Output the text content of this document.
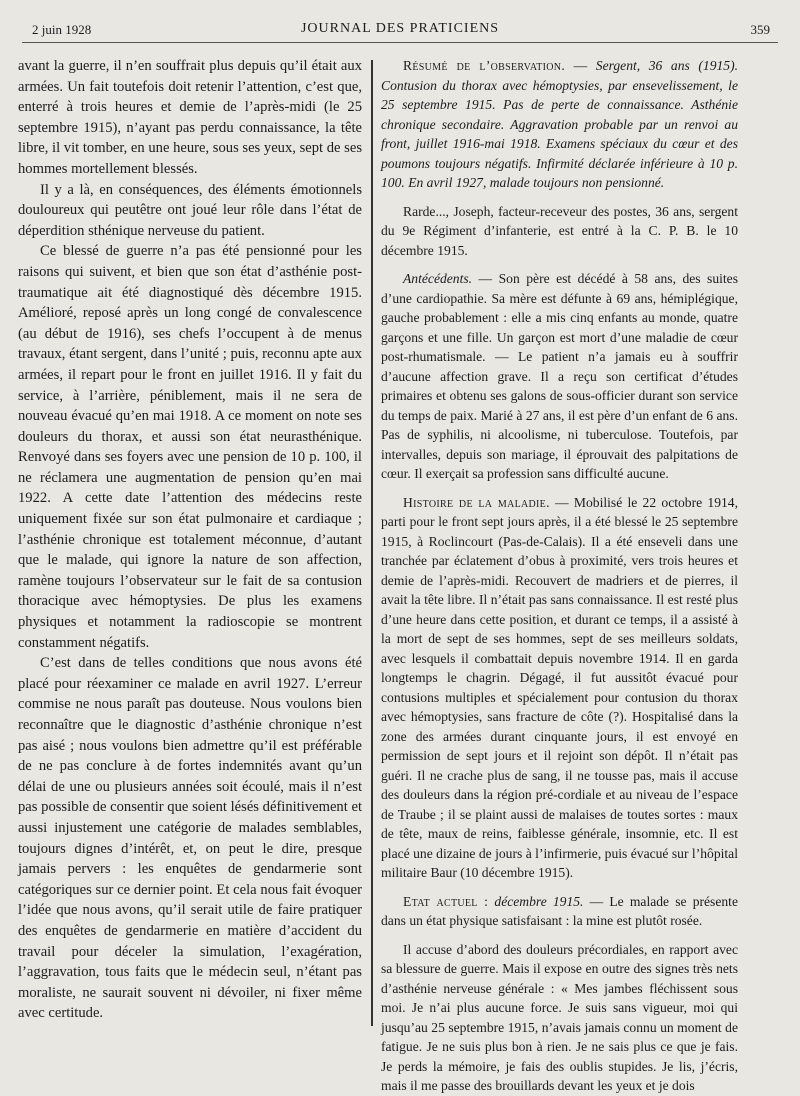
2 juin 1928	JOURNAL DES PRATICIENS	359

avant la guerre, il n’en souffrait plus depuis qu’il était aux armées. Un fait toutefois doit retenir l’attention, c’est que, enterré à trois heures et demie de l’après-midi (le 25 septembre 1915), n’ayant pas perdu connaissance, la tête libre, il vit tomber, en une heure, sous ses yeux, sept de ses hommes mortellement blessés.

Il y a là, en conséquences, des éléments émotionnels douloureux qui peutêtre ont joué leur rôle dans l’état de déperdition sthénique nerveuse du patient.

Ce blessé de guerre n’a pas été pensionné pour les raisons qui suivent, et bien que son état d’asthénie post-traumatique ait été diagnostiqué dès décembre 1915. Amélioré, reposé après un long congé de convalescence (au début de 1916), ses chefs l’occupent à de menus travaux, étant sergent, dans l’unité ; puis, reconnu apte aux armées, il repart pour le front en juillet 1916. Il y fait du service, à l’arrière, péniblement, mais il ne sera de nouveau évacué qu’en mai 1918. A ce moment on note ses douleurs du thorax, et aussi son état neurasthénique. Renvoyé dans ses foyers avec une pension de 10 p. 100, il ne réclamera une augmentation de pension qu’en mai 1922. A cette date l’attention des médecins reste uniquement fixée sur son état pulmonaire et cardiaque ; l’asthénie chronique est totalement méconnue, d’autant que le malade, qui ignore la nature de son affection, ramène toujours l’observateur sur le fait de sa contusion thoracique avec hémoptysies. De plus les examens physiques et notamment la radioscopie se montrent constamment négatifs.

C’est dans de telles conditions que nous avons été placé pour réexaminer ce malade en avril 1927. L’erreur commise ne nous paraît pas douteuse. Nous voulons bien reconnaître que le diagnostic d’asthénie chronique n’est pas aisé ; nous voulons bien admettre qu’il est préférable de ne pas conclure à de fortes indemnités avant qu’un délai de une ou plusieurs années soit écoulé, mais il n’est pas possible de consentir que soient lésés définitivement et aussi injustement une catégorie de malades semblables, toujours dignes d’intérêt, et, on peut le dire, presque jamais pervers : les enquêtes de gendarmerie sont catégoriques sur ce dernier point. Et cela nous fait évoquer l’idée que nous avons, qu’il serait utile de faire pratiquer des enquêtes de gendarmerie en matière d’accident du travail pour déceler la simulation, l’exagération, l’aggravation, tous faits que le médecin seul, n’étant pas moraliste, ne saurait souvent ni dévoiler, ni fixer même avec certitude.

Résumé de l’observation. — Sergent, 36 ans (1915). Contusion du thorax avec hémoptysies, par ensevelissement, le 25 septembre 1915. Pas de perte de connaissance. Asthénie chronique secondaire. Aggravation probable par un renvoi au front, juillet 1916-mai 1918. Examens spéciaux du cœur et des poumons toujours négatifs. Infirmité déclarée inférieure à 10 p. 100. En avril 1927, malade toujours non pensionné.

Rarde..., Joseph, facteur-receveur des postes, 36 ans, sergent du 9e Régiment d’infanterie, est entré à la C. P. B. le 10 décembre 1915.

Antécédents. — Son père est décédé à 58 ans, des suites d’une cardiopathie. Sa mère est défunte à 69 ans, hémiplégique, gauche probablement : elle a mis cinq enfants au monde, quatre garçons et une fille. Un garçon est mort d’une maladie de cœur post-rhumatismale. — Le patient n’a jamais eu à souffrir d’aucune affection grave. Il a reçu son certificat d’études primaires et obtenu ses galons de sous-officier durant son service du temps de paix. Marié à 27 ans, il est père d’un enfant de 6 ans. Pas de syphilis, ni alcoolisme, ni tuberculose. Toutefois, par intervalles, depuis son mariage, il éprouvait des palpitations de cœur. Il exerçait sa profession sans difficulté aucune.

Histoire de la maladie. — Mobilisé le 22 octobre 1914, parti pour le front sept jours après, il a été blessé le 25 septembre 1915, à Roclincourt (Pas-de-Calais). Il a été enseveli dans une tranchée par éclatement d’obus à proximité, vers trois heures et demie de l’après-midi. Recouvert de madriers et de pierres, il avait la tête libre. Il n’était pas sans connaissance. Il est resté plus d’une heure dans cette position, et durant ce temps, il a assisté à la mort de sept de ses hommes, sept de ses meilleurs soldats, avec lesquels il combattait depuis novembre 1914. Il en garda longtemps le chagrin. Dégagé, il fut aussitôt évacué pour contusions multiples et spécialement pour contusion du thorax avec hémoptysies, sans fracture de côte (?). Hospitalisé dans la zone des armées durant cinquante jours, il est envoyé en permission de sept jours et il rejoint son dépôt. Il n’était pas guéri. Il ne crache plus de sang, il ne tousse pas, mais il accuse des douleurs dans la région pré-cordiale et au niveau de l’espace de Traube ; il se plaint aussi de malaises de toutes sortes : maux de tête, maux de reins, faiblesse générale, insomnie, etc. Il est placé une dizaine de jours à l’infirmerie, puis évacué sur l’hôpital militaire Baur (10 décembre 1915).

Etat actuel : décembre 1915. — Le malade se présente dans un état physique satisfaisant : la mine est plutôt rosée.

Il accuse d’abord des douleurs précordiales, en rapport avec sa blessure de guerre. Mais il expose en outre des signes très nets d’asthénie nerveuse générale : « Mes jambes fléchissent sous moi. Je n’ai plus aucune force. Je suis sans vigueur, moi qui jusqu’au 25 septembre 1915, n’avais jamais connu un moment de fatigue. Je ne suis plus bon à rien. Je ne sais plus ce que je fais. Je perds la mémoire, je fais des oublis stupides. Je lis, j’écris, mais il me passe des brouillards devant les yeux et je dois
